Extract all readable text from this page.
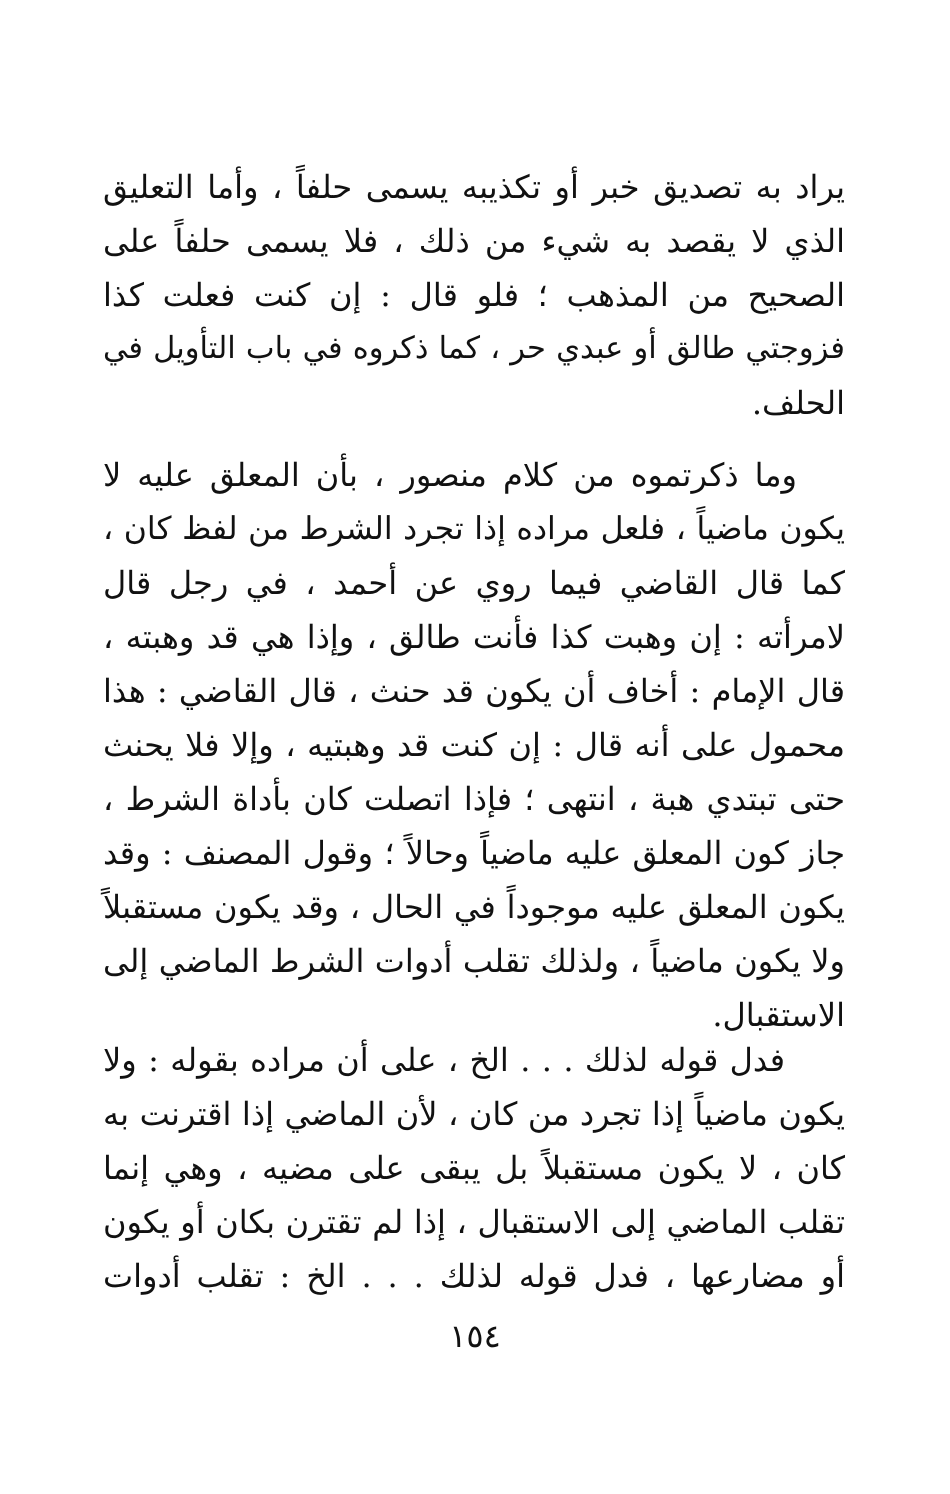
يراد به تصديق خبر أو تكذيبه يسمى حلفاً ، وأما التعليق
الذي لا يقصد به شيء من ذلك ، فلا يسمى حلفاً على
الصحيح من المذهب ؛ فلو قال : إن كنت فعلت كذا
فزوجتي طالق أو عبدي حر ، كما ذكروه في باب التأويل في
الحلف.
وما ذكرتموه من كلام منصور ، بأن المعلق عليه لا
يكون ماضياً ، فلعل مراده إذا تجرد الشرط من لفظ كان ،
كما قال القاضي فيما روي عن أحمد ، في رجل قال
لامرأته : إن وهبت كذا فأنت طالق ، وإذا هي قد وهبته ،
قال الإمام : أخاف أن يكون قد حنث ، قال القاضي : هذا
محمول على أنه قال : إن كنت قد وهبتيه ، وإلا فلا يحنث
حتى تبتدي هبة ، انتهى ؛ فإذا اتصلت كان بأداة الشرط ،
جاز كون المعلق عليه ماضياً وحالاً ؛ وقول المصنف : وقد
يكون المعلق عليه موجوداً في الحال ، وقد يكون مستقبلاً
ولا يكون ماضياً ، ولذلك تقلب أدوات الشرط الماضي إلى
الاستقبال.
فدل قوله لذلك . . . الخ ، على أن مراده بقوله : ولا
يكون ماضياً إذا تجرد من كان ، لأن الماضي إذا اقترنت به
كان ، لا يكون مستقبلاً بل يبقى على مضيه ، وهي إنما
تقلب الماضي إلى الاستقبال ، إذا لم تقترن بكان أو يكون
أو مضارعها ، فدل قوله لذلك . . . الخ : تقلب أدوات
١٥٤
